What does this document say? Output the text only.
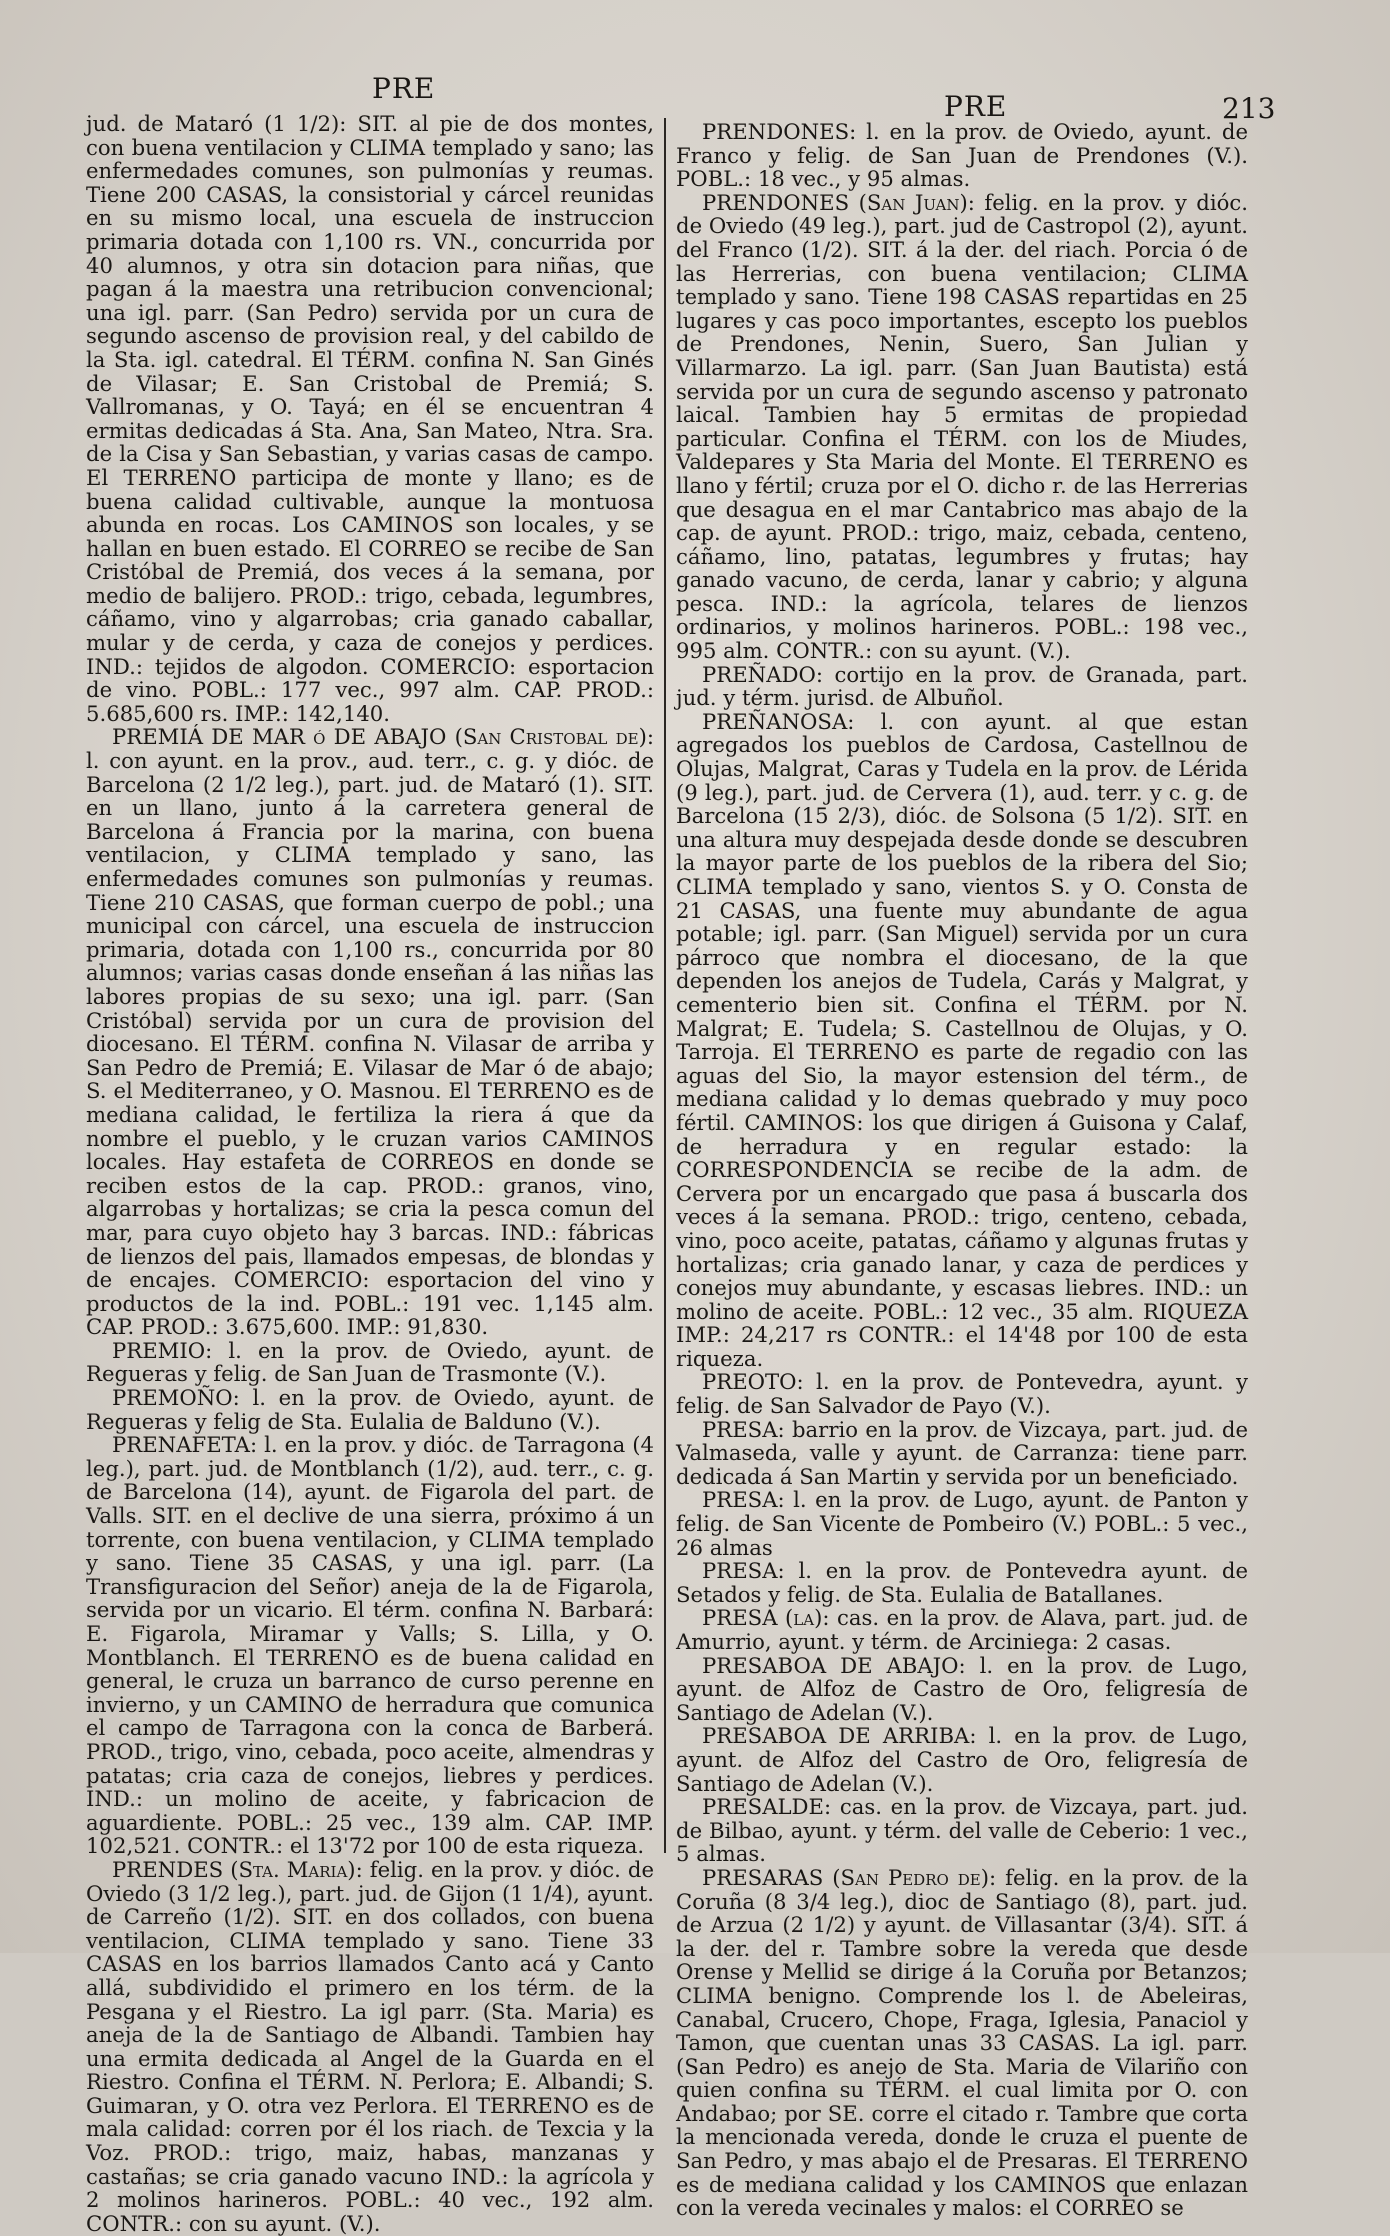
PRE
PRE	213

jud. de Mataró (1 1/2): SIT. al pie de dos montes, con buena ventilacion y CLIMA templado y sano; las enfermedades comunes, son pulmonías y reumas. Tiene 200 CASAS, la consistorial y cárcel reunidas en su mismo local, una escuela de instruccion primaria dotada con 1,100 rs. VN., concurrida por 40 alumnos, y otra sin dotacion para niñas, que pagan á la maestra una retribucion convencional; una igl. parr. (San Pedro) servida por un cura de segundo ascenso de provision real, y del cabildo de la Sta. igl. catedral. El TÉRM. confina N. San Ginés de Vilasar; E. San Cristobal de Premiá; S. Vallromanas, y O. Tayá; en él se encuentran 4 ermitas dedicadas á Sta. Ana, San Mateo, Ntra. Sra. de la Cisa y San Sebastian, y varias casas de campo. El TERRENO participa de monte y llano; es de buena calidad cultivable, aunque la montuosa abunda en rocas. Los CAMINOS son locales, y se hallan en buen estado. El CORREO se recibe de San Cristóbal de Premiá, dos veces á la semana, por medio de balijero. PROD.: trigo, cebada, legumbres, cáñamo, vino y algarrobas; cria ganado caballar, mular y de cerda, y caza de conejos y perdices. IND.: tejidos de algodon. COMERCIO: esportacion de vino. POBL.: 177 vec., 997 alm. CAP. PROD.: 5.685,600 rs. IMP.: 142,140.

PREMIÁ DE MAR ó DE ABAJO (San Cristobal de): l. con ayunt. en la prov., aud. terr., c. g. y dióc. de Barcelona (2 1/2 leg.), part. jud. de Mataró (1). SIT. en un llano, junto á la carretera general de Barcelona á Francia por la marina, con buena ventilacion, y CLIMA templado y sano, las enfermedades comunes son pulmonías y reumas. Tiene 210 CASAS, que forman cuerpo de pobl.; una municipal con cárcel, una escuela de instruccion primaria, dotada con 1,100 rs., concurrida por 80 alumnos; varias casas donde enseñan á las niñas las labores propias de su sexo; una igl. parr. (San Cristóbal) servida por un cura de provision del diocesano. El TÉRM. confina N. Vilasar de arriba y San Pedro de Premiá; E. Vilasar de Mar ó de abajo; S. el Mediterraneo, y O. Masnou. El TERRENO es de mediana calidad, le fertiliza la riera á que da nombre el pueblo, y le cruzan varios CAMINOS locales. Hay estafeta de CORREOS en donde se reciben estos de la cap. PROD.: granos, vino, algarrobas y hortalizas; se cria la pesca comun del mar, para cuyo objeto hay 3 barcas. IND.: fábricas de lienzos del pais, llamados empesas, de blondas y de encajes. COMERCIO: esportacion del vino y productos de la ind. POBL.: 191 vec. 1,145 alm. CAP. PROD.: 3.675,600. IMP.: 91,830.

PREMIO: l. en la prov. de Oviedo, ayunt. de Regueras y felig. de San Juan de Trasmonte (V.).

PREMOÑO: l. en la prov. de Oviedo, ayunt. de Regueras y felig de Sta. Eulalia de Balduno (V.).

PRENAFETA: l. en la prov. y dióc. de Tarragona (4 leg.), part. jud. de Montblanch (1/2), aud. terr., c. g. de Barcelona (14), ayunt. de Figarola del part. de Valls. SIT. en el declive de una sierra, próximo á un torrente, con buena ventilacion, y CLIMA templado y sano. Tiene 35 CASAS, y una igl. parr. (La Transfiguracion del Señor) aneja de la de Figarola, servida por un vicario. El térm. confina N. Barbará: E. Figarola, Miramar y Valls; S. Lilla, y O. Montblanch. El TERRENO es de buena calidad en general, le cruza un barranco de curso perenne en invierno, y un CAMINO de herradura que comunica el campo de Tarragona con la conca de Barberá. PROD., trigo, vino, cebada, poco aceite, almendras y patatas; cria caza de conejos, liebres y perdices. IND.: un molino de aceite, y fabricacion de aguardiente. POBL.: 25 vec., 139 alm. CAP. IMP. 102,521. CONTR.: el 13'72 por 100 de esta riqueza.

PRENDES (Sta. Maria): felig. en la prov. y dióc. de Oviedo (3 1/2 leg.), part. jud. de Gijon (1 1/4), ayunt. de Carreño (1/2). SIT. en dos collados, con buena ventilacion, CLIMA templado y sano. Tiene 33 CASAS en los barrios llamados Canto acá y Canto allá, subdividido el primero en los térm. de la Pesgana y el Riestro. La igl parr. (Sta. Maria) es aneja de la de Santiago de Albandi. Tambien hay una ermita dedicada al Angel de la Guarda en el Riestro. Confina el TÉRM. N. Perlora; E. Albandi; S. Guimaran, y O. otra vez Perlora. El TERRENO es de mala calidad: corren por él los riach. de Texcia y la Voz. PROD.: trigo, maiz, habas, manzanas y castañas; se cria ganado vacuno IND.: la agrícola y 2 molinos harineros. POBL.: 40 vec., 192 alm. CONTR.: con su ayunt. (V.).

PRENDONES: l. en la prov. de Oviedo, ayunt. de Franco y felig. de San Juan de Prendones (V.). POBL.: 18 vec., y 95 almas.

PRENDONES (San Juan): felig. en la prov. y dióc. de Oviedo (49 leg.), part. jud de Castropol (2), ayunt. del Franco (1/2). SIT. á la der. del riach. Porcia ó de las Herrerias, con buena ventilacion; CLIMA templado y sano. Tiene 198 CASAS repartidas en 25 lugares y cas poco importantes, escepto los pueblos de Prendones, Nenin, Suero, San Julian y Villarmarzo. La igl. parr. (San Juan Bautista) está servida por un cura de segundo ascenso y patronato laical. Tambien hay 5 ermitas de propiedad particular. Confina el TÉRM. con los de Miudes, Valdepares y Sta Maria del Monte. El TERRENO es llano y fértil; cruza por el O. dicho r. de las Herrerias que desagua en el mar Cantabrico mas abajo de la cap. de ayunt. PROD.: trigo, maiz, cebada, centeno, cáñamo, lino, patatas, legumbres y frutas; hay ganado vacuno, de cerda, lanar y cabrio; y alguna pesca. IND.: la agrícola, telares de lienzos ordinarios, y molinos harineros. POBL.: 198 vec., 995 alm. CONTR.: con su ayunt. (V.).

PREÑADO: cortijo en la prov. de Granada, part. jud. y térm. jurisd. de Albuñol.

PREÑANOSA: l. con ayunt. al que estan agregados los pueblos de Cardosa, Castellnou de Olujas, Malgrat, Caras y Tudela en la prov. de Lérida (9 leg.), part. jud. de Cervera (1), aud. terr. y c. g. de Barcelona (15 2/3), dióc. de Solsona (5 1/2). SIT. en una altura muy despejada desde donde se descubren la mayor parte de los pueblos de la ribera del Sio; CLIMA templado y sano, vientos S. y O. Consta de 21 CASAS, una fuente muy abundante de agua potable; igl. parr. (San Miguel) servida por un cura párroco que nombra el diocesano, de la que dependen los anejos de Tudela, Carás y Malgrat, y cementerio bien sit. Confina el TÉRM. por N. Malgrat; E. Tudela; S. Castellnou de Olujas, y O. Tarroja. El TERRENO es parte de regadio con las aguas del Sio, la mayor estension del térm., de mediana calidad y lo demas quebrado y muy poco fértil. CAMINOS: los que dirigen á Guisona y Calaf, de herradura y en regular estado: la CORRESPONDENCIA se recibe de la adm. de Cervera por un encargado que pasa á buscarla dos veces á la semana. PROD.: trigo, centeno, cebada, vino, poco aceite, patatas, cáñamo y algunas frutas y hortalizas; cria ganado lanar, y caza de perdices y conejos muy abundante, y escasas liebres. IND.: un molino de aceite. POBL.: 12 vec., 35 alm. RIQUEZA IMP.: 24,217 rs CONTR.: el 14'48 por 100 de esta riqueza.

PREOTO: l. en la prov. de Pontevedra, ayunt. y felig. de San Salvador de Payo (V.).

PRESA: barrio en la prov. de Vizcaya, part. jud. de Valmaseda, valle y ayunt. de Carranza: tiene parr. dedicada á San Martin y servida por un beneficiado.

PRESA: l. en la prov. de Lugo, ayunt. de Panton y felig. de San Vicente de Pombeiro (V.) POBL.: 5 vec., 26 almas

PRESA: l. en la prov. de Pontevedra ayunt. de Setados y felig. de Sta. Eulalia de Batallanes.

PRESA (la): cas. en la prov. de Alava, part. jud. de Amurrio, ayunt. y térm. de Arciniega: 2 casas.

PRESABOA DE ABAJO: l. en la prov. de Lugo, ayunt. de Alfoz de Castro de Oro, feligresía de Santiago de Adelan (V.).

PRESABOA DE ARRIBA: l. en la prov. de Lugo, ayunt. de Alfoz del Castro de Oro, feligresía de Santiago de Adelan (V.).

PRESALDE: cas. en la prov. de Vizcaya, part. jud. de Bilbao, ayunt. y térm. del valle de Ceberio: 1 vec., 5 almas.

PRESARAS (San Pedro de): felig. en la prov. de la Coruña (8 3/4 leg.), dioc de Santiago (8), part. jud. de Arzua (2 1/2) y ayunt. de Villasantar (3/4). SIT. á la der. del r. Tambre sobre la vereda que desde Orense y Mellid se dirige á la Coruña por Betanzos; CLIMA benigno. Comprende los l. de Abeleiras, Canabal, Crucero, Chope, Fraga, Iglesia, Panaciol y Tamon, que cuentan unas 33 CASAS. La igl. parr. (San Pedro) es anejo de Sta. Maria de Vilariño con quien confina su TÉRM. el cual limita por O. con Andabao; por SE. corre el citado r. Tambre que corta la mencionada vereda, donde le cruza el puente de San Pedro, y mas abajo el de Presaras. El TERRENO es de mediana calidad y los CAMINOS que enlazan con la vereda vecinales y malos: el CORREO se
